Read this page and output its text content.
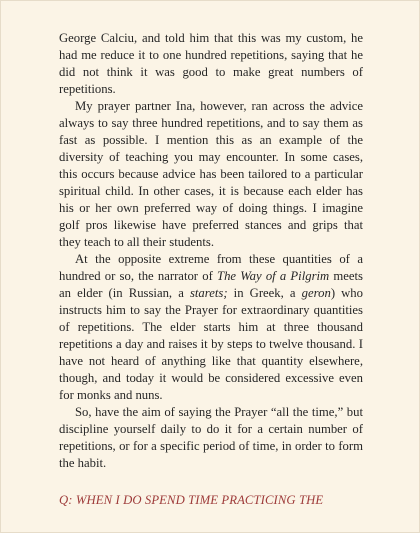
George Calciu, and told him that this was my custom, he had me reduce it to one hundred repetitions, saying that he did not think it was good to make great numbers of repetitions.

My prayer partner Ina, however, ran across the advice always to say three hundred repetitions, and to say them as fast as possible. I mention this as an example of the diversity of teaching you may encounter. In some cases, this occurs because advice has been tailored to a particular spiritual child. In other cases, it is because each elder has his or her own preferred way of doing things. I imagine golf pros likewise have preferred stances and grips that they teach to all their students.

At the opposite extreme from these quantities of a hundred or so, the narrator of The Way of a Pilgrim meets an elder (in Russian, a starets; in Greek, a geron) who instructs him to say the Prayer for extraordinary quantities of repetitions. The elder starts him at three thousand repetitions a day and raises it by steps to twelve thousand. I have not heard of anything like that quantity elsewhere, though, and today it would be considered excessive even for monks and nuns.

So, have the aim of saying the Prayer “all the time,” but discipline yourself daily to do it for a certain number of repetitions, or for a specific period of time, in order to form the habit.

Q: WHEN I DO SPEND TIME PRACTICING THE
